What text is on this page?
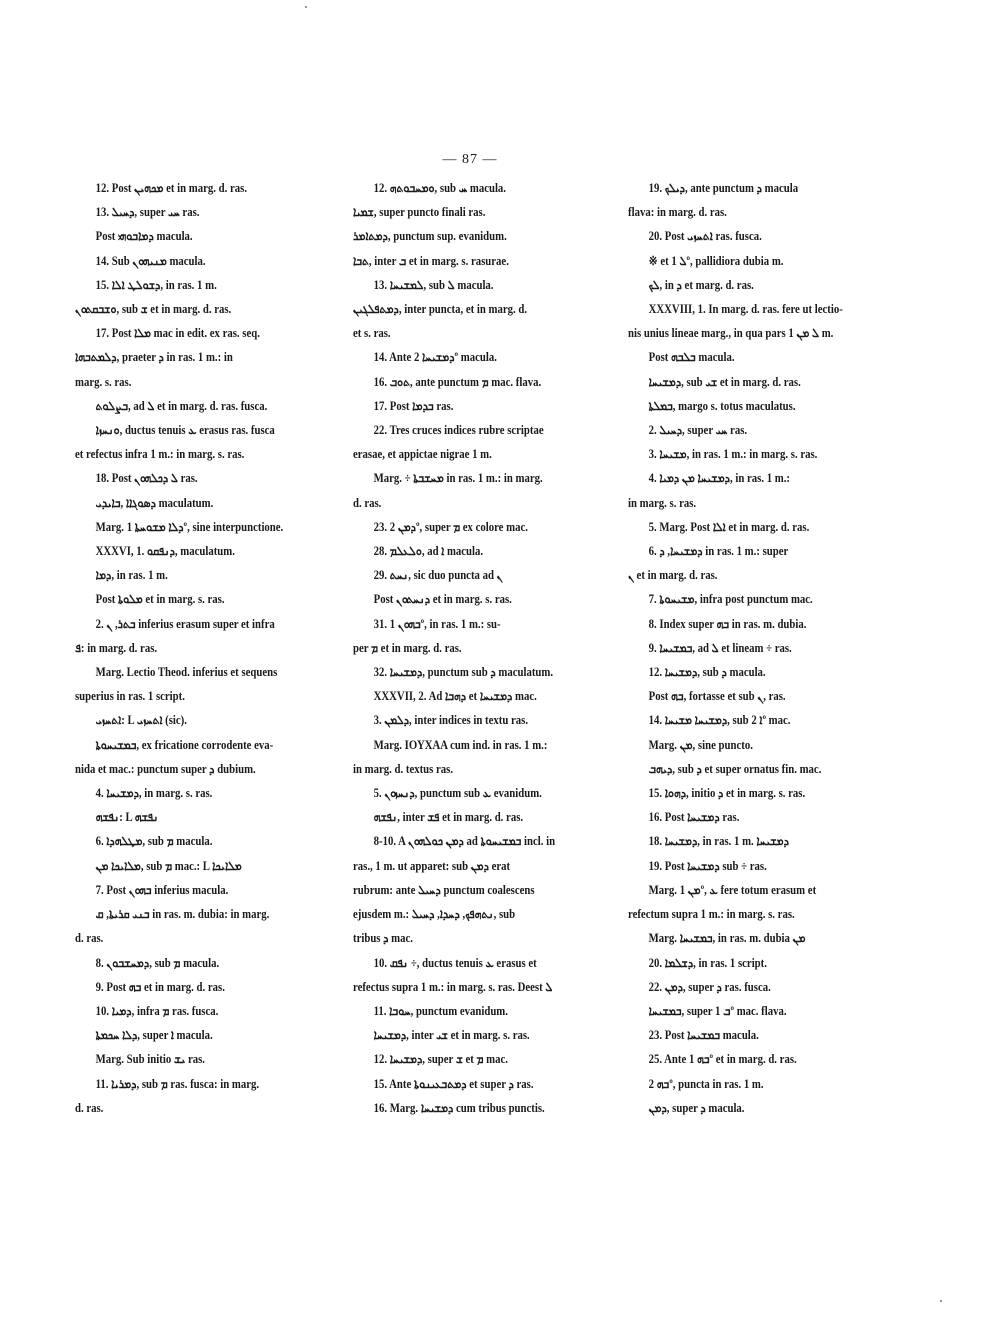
— 87 —
12. Post ܡܟܗܝܢ et in marg. d. ras.
13. ܕܚܝܠ, super ܚܝ ras.
Post ܕܡܐܒܘܗܝ macula.
14. Sub ܡܢܝܗܘܢ macula.
15. ܕܫܘܠܛ ܐܠܐ, in ras. 1 m.
ܘܫܒܩܬܘܢ, sub ܫ et in marg. d. ras.
17. Post ܡܠܐ mac in edit. ex ras. seq.
ܕܠܡܬܒܗܐ, praeter ܕ in ras. 1 m.: in
marg. s. ras.
ܒܨܠܘܬ, ad ܠ et in marg. d. ras. fusca.
ܘܢܚܙܐ, ductus tenuis ܥ erasus ras. fusca
et refectus infra 1 m.: in marg. s. ras.
18. Post ܠ ܕܟܠܗܘܢ ras.
ܕܣܘܓܐܐ ,ܒܐܝܕܝ maculatum.
Marg. ܕܠܐ ܡܫܘܚܬܐ 1º, sine interpunctione.
XXXVI, 1. ܕܢܦܩܘ, maculatum.
ܕܡܐ, in ras. 1 m.
Post ܡܠܘܬܐ et in marg. s. ras.
2. ܒܬܪ, ܢ inferius erasum super et infra
ܦ: in marg. d. ras.
Marg. Lectio Theod. inferius et sequens
superius in ras. 1 script.
ܐܬܚܙܝ: L ܐܬܚܙܝ (sic).
ܒܡܫܝܚܘܬܐ, ex fricatione corrodente eva-
nida et mac.: punctum super ܕ dubium.
4. ܕܡܫܝܚܐ, in marg. s. ras.
ܢܦܫܗ: L ܢܦܫܗ
6. ܡܛܠܗܕܐ, sub ܡ macula.
ܡܠܐܝܟܐ ܡܢ, sub ܡ mac.: L ܡܠܐܝܟܐ
7. Post ܒܗܘܢ inferius macula.
ܒܢܝ ܩܪܝܬܐ, ܩ in ras. m. dubia: in marg.
d. ras.
8. ܕܡܚܫܒܘܢ, sub ܡ macula.
9. Post ܒܗ et in marg. d. ras.
10. ܕܡܝܐ, infra ܡ ras. fusca.
ܕܠܐ ܚܟܡܬܐ, super ܐ macula.
Marg. Sub initio ܝܫ ras.
11. ܕܡܪܝܐ, sub ܡ ras. fusca: in marg.
d. ras.
12. ܘܡܚܒܘܬܗ, sub ܚ macula.
ܫܡܝܐ, super puncto finali ras.
ܕܡܬܐܡܪ, punctum sup. evanidum.
ܬܒܐ, inter ܒ et in marg. s. rasurae.
13. ܠܡܫܝܚܐ, sub ܠ macula.
ܕܡܬܦܠܓܝܢ, inter puncta, et in marg. d.
et s. ras.
14. Ante ܕܡܫܝܚܐ 2º macula.
16. ܬܘܒ, ante punctum ܡ mac. flava.
17. Post ܒܕܡܐ ras.
22. Tres cruces indices rubre scriptae
erasae, et appictae nigrae 1 m.
Marg. ÷ ܡܚܫܒܬܐ in ras. 1 m.: in marg.
d. ras.
23. ܕܡܢ 2º, super ܡ ex colore mac.
28. ܘܠܥܠܡ, ad ܐ macula.
29. ܢܚܬ, sic duo puncta ad ܢ
Post ܕܢܚܬܘܢ et in marg. s. ras.
31. ܒܗܘܢ 1º, in ras. 1 m.: su-
per ܡ et in marg. d. ras.
32. ܕܡܫܝܚܐ, punctum sub ܕ maculatum.
XXXVII, 2. Ad ܕܗܒܐ et ܕܡܫܝܚܐ mac.
3. ܕܠܡܢ, inter indices in textu ras.
Marg. ΙΟΥΧΑΑ cum ind. in ras. 1 m.:
in marg. d. textus ras.
5. ܕܢܚܙܘܢ, punctum sub ܥ evanidum.
ܢܦܫܗ, inter ܦܫ et in marg. d. ras.
8-10. A ܕܡܢ ܟܘܠܗܘܢ ad ܒܡܫܝܚܘܬܐ incl. in
ras., 1 m. ut apparet: sub ܕܡܢ erat
rubrum: ante ܕܚܝܠ punctum coalescens
ejusdem m.: ܢܬܗܦܟ, ܕܚܕܐ, ܕܚܝܠ, sub
tribus ܕ mac.
10. ܢܦܩ ÷, ductus tenuis ܥ erasus et
refectus supra 1 m.: in marg. s. ras. Deest ܠ
11. ܚܘܒܐ, punctum evanidum.
ܕܡܫܝܚܐ, inter ܫܝ et in marg. s. ras.
12. ܕܡܫܝܚܐ, super ܫ et ܡ mac.
15. Ante ܕܡܬܒܥܝܢܘܬܐ et super ܕ ras.
16. Marg. ܕܡܫܝܚܐ cum tribus punctis.
19. ܕܝܠܟ, ante punctum ܕ macula
flava: in marg. d. ras.
20. Post ܐܬܚܙܝ ras. fusca.
※ et ܠ 1º, pallidiora dubia m.
ܠܟ, in ܕ et marg. d. ras.
XXXVIII, 1. In marg. d. ras. fere ut lectio-
nis unius lineae marg., in qua pars ܠ ܡܢ 1 m.
Post ܒܠܒܗ macula.
ܕܡܫܝܚܐ, sub ܫܝ et in marg. d. ras.
ܒܡܠܬܐ, margo s. totus maculatus.
2. ܕܚܝܠ, super ܚܝ ras.
3. ܡܫܝܚܐ, in ras. 1 m.: in marg. s. ras.
4. ܕܡܫܝܚܐ ܡܢ ܕܡܝܐ, in ras. 1 m.:
in marg. s. ras.
5. Marg. Post ܐܠܐ et in marg. d. ras.
6. ܕܡܫܝܚܐ, ܕ in ras. 1 m.: super
ܢ et in marg. d. ras.
7. ܡܫܝܚܘܬܐ, infra post punctum mac.
8. Index super ܒܗ in ras. m. dubia.
9. ܒܡܫܝܚܐ, ad ܠ et lineam ÷ ras.
12. ܕܡܫܝܚܐ, sub ܕ macula.
Post ܒܗ, fortasse et sub ܢ, ras.
14. ܕܡܫܝܚܐ ܡܫܝܚܐ, sub ܐ 2º mac.
Marg. ܡܢ, sine puncto.
ܕܝܗܒ, sub ܕ et super ornatus fin. mac.
15. ܕܗܘܐ, initio ܕ et in marg. s. ras.
16. Post ܕܡܫܝܚܐ ras.
18. ܕܡܫܝܚܐ, in ras. 1 m. ܕܡܫܝܚܐ
19. Post ܕܡܫܝܚܐ sub ÷ ras.
Marg. ܡܢ 1º, ܥ fere totum erasum et
refectum supra 1 m.: in marg. s. ras.
Marg. ܒܡܫܝܚܐ, in ras. m. dubia ܡܢ
20. ܕܫܠܡܐ, in ras. 1 script.
22. ܕܡܢ, super ܕ ras. fusca.
ܒܡܫܝܚܐ, super ܒ 1º mac. flava.
23. Post ܒܡܫܝܚܐ macula.
25. Ante ܒܗ 1º et in marg. d. ras.
ܒܗ 2º, puncta in ras. 1 m.
ܕܡܢ, super ܕ macula.
